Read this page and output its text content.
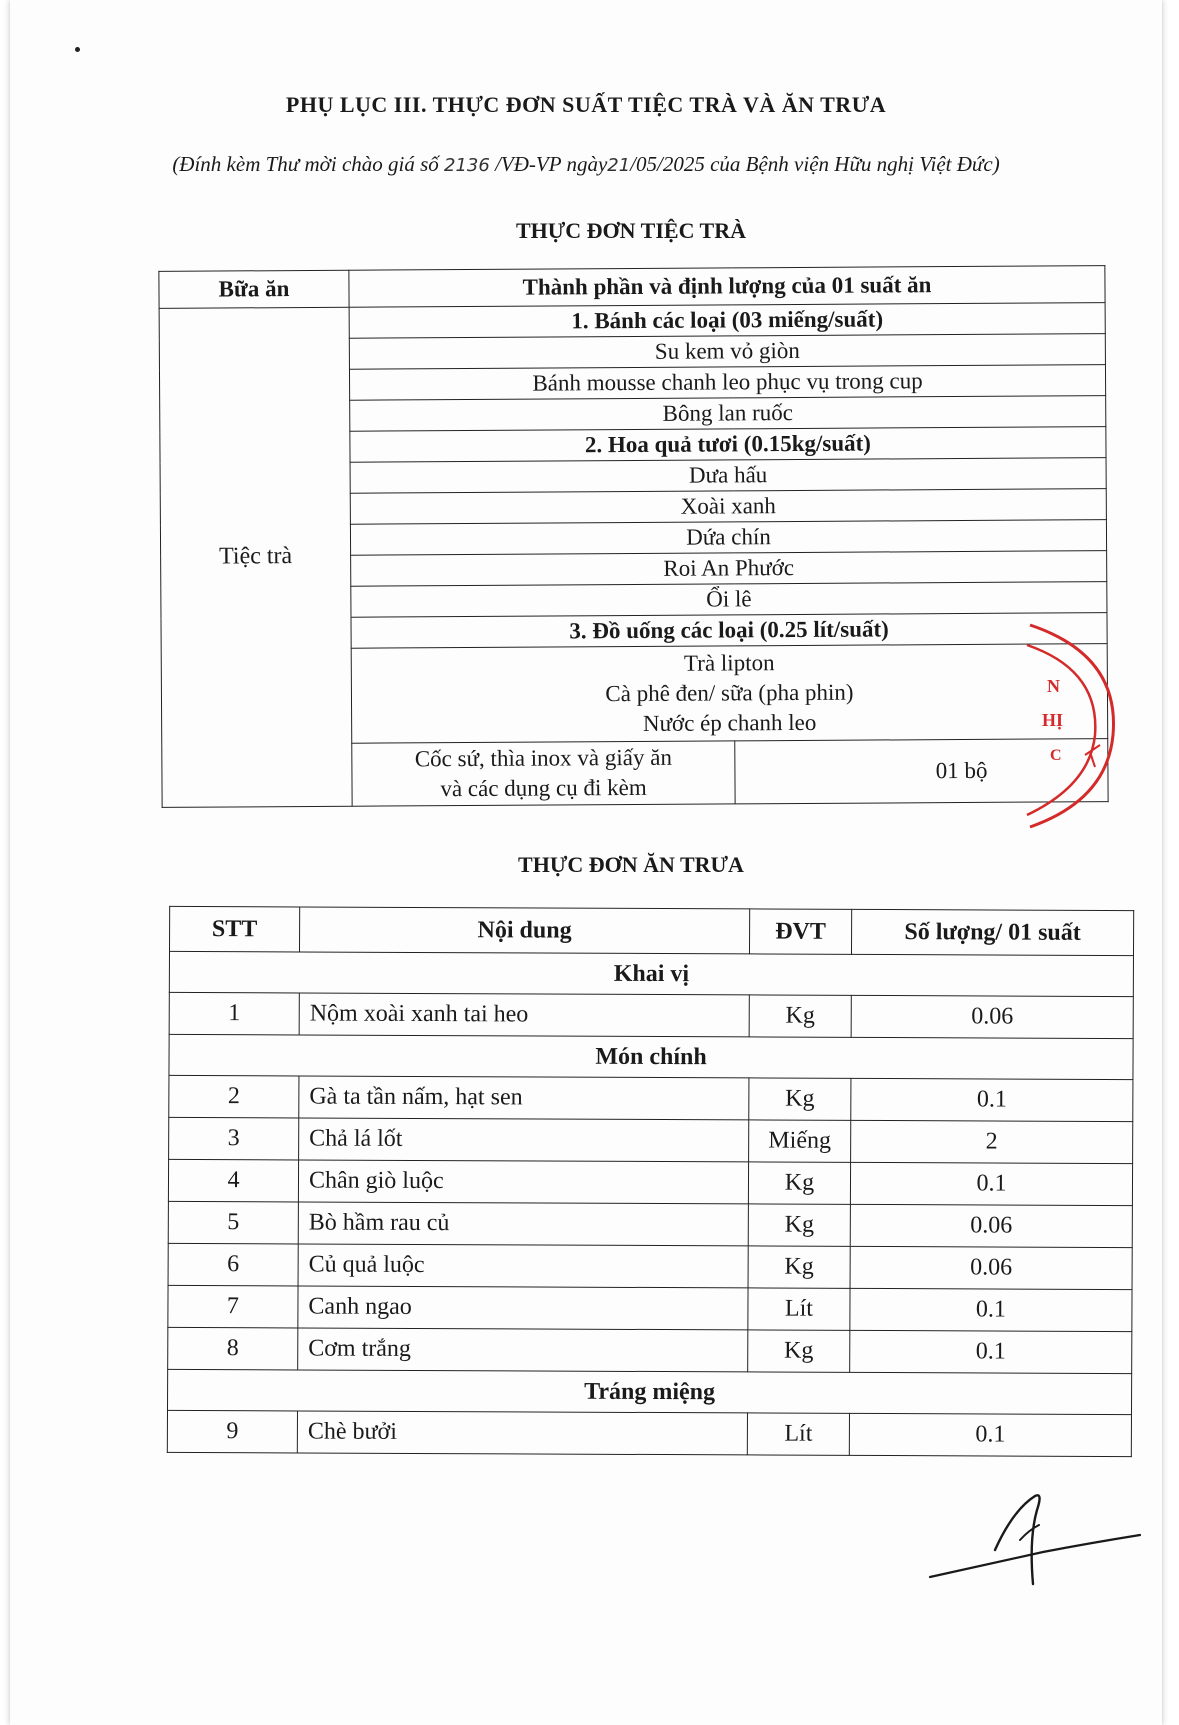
PHỤ LỤC III. THỰC ĐƠN SUẤT TIỆC TRÀ VÀ ĂN TRƯA
(Đính kèm Thư mời chào giá số 2136 /VĐ-VP ngày21/05/2025 của Bệnh viện Hữu nghị Việt Đức)
THỰC ĐƠN TIỆC TRÀ
Bữa ăn	Thành phần và định lượng của 01 suất ăn	
Tiệc trà	1. Bánh các loại (03 miếng/suất)	
	Su kem vỏ giòn	
	Bánh mousse chanh leo phục vụ trong cup	
	Bông lan ruốc	
	2. Hoa quả tươi (0.15kg/suất)	
	Dưa hấu	
	Xoài xanh	
	Dứa chín	
	Roi An Phước	
	Ổi lê	
	3. Đồ uống các loại (0.25 lít/suất)	

	Trà lipton
Cà phê đen/ sữa (pha phin)
Nước ép chanh leo	

	Cốc sứ, thìa inox và giấy ăn
và các dụng cụ đi kèm	01 bộ
N
HỊ
C
THỰC ĐƠN ĂN TRƯA
STT	Nội dung	ĐVT	Số lượng/ 01 suất
Khai vị			
1	Nộm xoài xanh tai heo	Kg	0.06
Món chính			
2	Gà ta tần nấm, hạt sen	Kg	0.1
3	Chả lá lốt	Miếng	2
4	Chân giò luộc	Kg	0.1
5	Bò hầm rau củ	Kg	0.06
6	Củ quả luộc	Kg	0.06
7	Canh ngao	Lít	0.1
8	Cơm trắng	Kg	0.1
Tráng miệng			
9	Chè bưởi	Lít	0.1
